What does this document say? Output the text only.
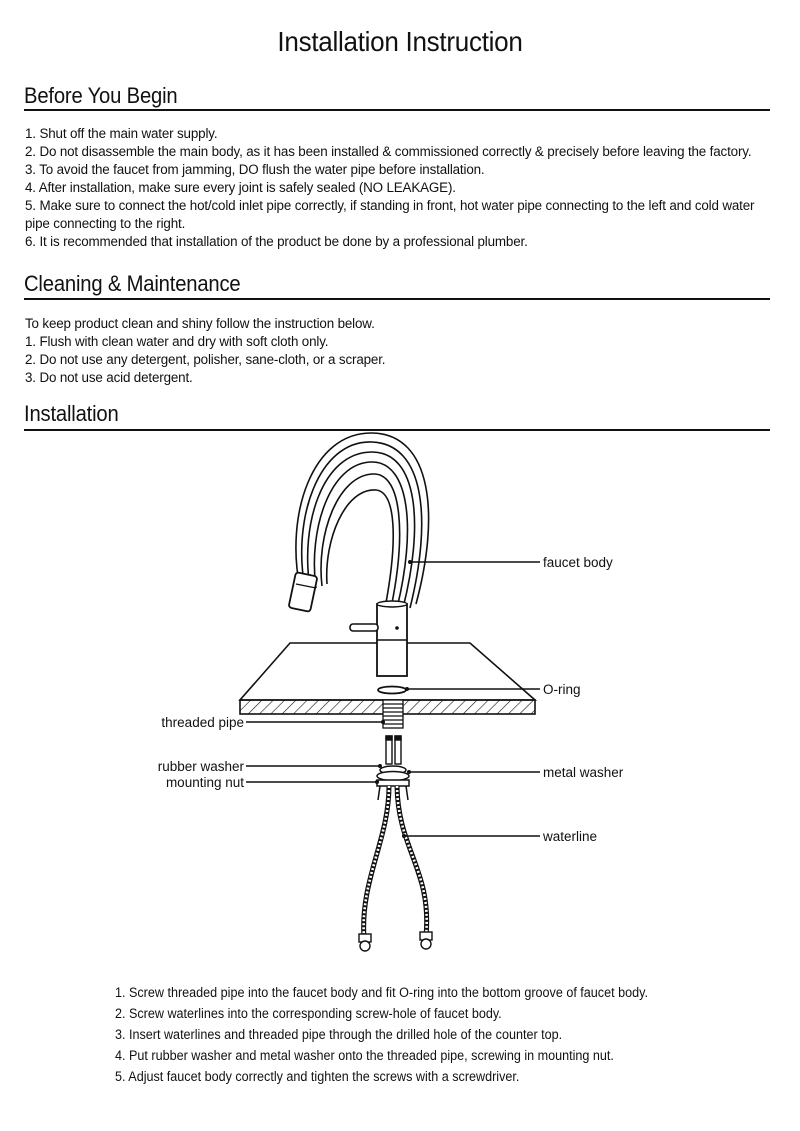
Installation Instruction
Before You Begin
1. Shut off the main water supply.
2. Do not disassemble the main body, as it has been installed & commissioned correctly & precisely before leaving the factory.
3. To avoid the faucet from jamming, DO flush the water pipe before installation.
4. After installation, make sure every joint is safely sealed (NO LEAKAGE).
5. Make sure to connect the hot/cold inlet pipe correctly, if standing in front, hot water pipe connecting to the left and cold water pipe connecting to the right.
6. It is recommended that installation of the product be done by a professional plumber.
Cleaning & Maintenance
To keep product clean and shiny follow the instruction below.
1. Flush with clean water and dry with soft cloth only.
2. Do not use any detergent, polisher, sane-cloth, or a scraper.
3. Do not use acid detergent.
Installation
faucet body
O-ring
threaded pipe
rubber washer
mounting nut
metal washer
waterline
1. Screw threaded pipe into the faucet body and fit O-ring into the bottom groove of faucet body.
2. Screw waterlines into the corresponding screw-hole of faucet body.
3. Insert waterlines and threaded pipe through the drilled hole of the counter top.
4. Put rubber washer and metal washer onto the threaded pipe, screwing in mounting nut.
5. Adjust faucet body correctly and tighten the screws with a screwdriver.
